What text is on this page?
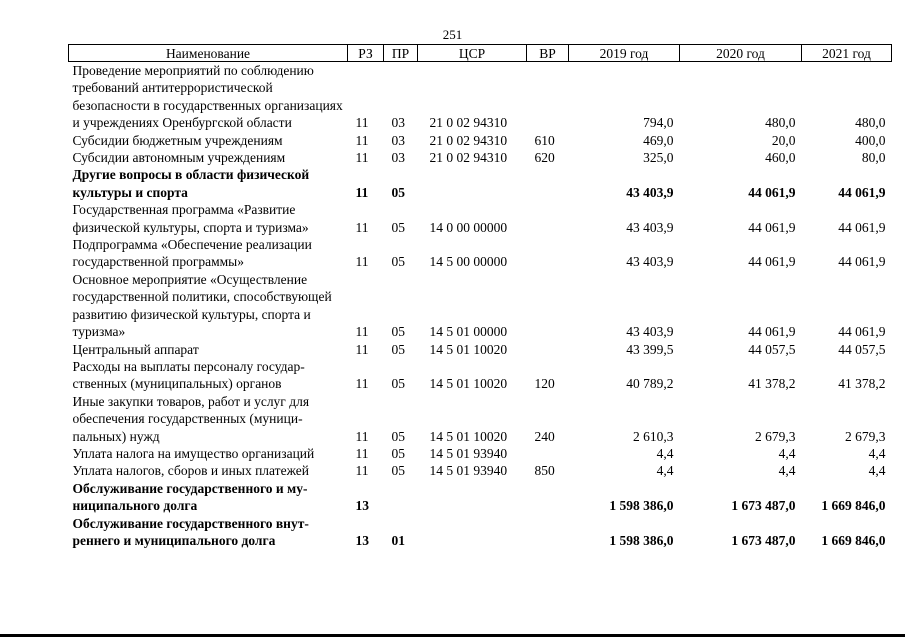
251
Наименование	РЗ	ПР	ЦСР	ВР	2019 год	2020 год	2021 год
Проведение мероприятий по соблюдению требований антитеррористической безопасности в государственных организациях и учреждениях Оренбургской области	11	03	21 0 02 94310		794,0	480,0	480,0
Субсидии бюджетным учреждениям	11	03	21 0 02 94310	610	469,0	20,0	400,0
Субсидии автономным учреждениям	11	03	21 0 02 94310	620	325,0	460,0	80,0
Другие вопросы в области физической культуры и спорта	11	05			43 403,9	44 061,9	44 061,9
Государственная программа «Развитие физической культуры, спорта и туризма»	11	05	14 0 00 00000		43 403,9	44 061,9	44 061,9
Подпрограмма «Обеспечение реализации государственной программы»	11	05	14 5 00 00000		43 403,9	44 061,9	44 061,9
Основное мероприятие «Осуществление государственной политики, способствующей развитию физической культуры, спорта и туризма»	11	05	14 5 01 00000		43 403,9	44 061,9	44 061,9
Центральный аппарат	11	05	14 5 01 10020		43 399,5	44 057,5	44 057,5
Расходы на выплаты персоналу государственных (муниципальных) органов	11	05	14 5 01 10020	120	40 789,2	41 378,2	41 378,2
Иные закупки товаров, работ и услуг для обеспечения государственных (муниципальных) нужд	11	05	14 5 01 10020	240	2 610,3	2 679,3	2 679,3
Уплата налога на имущество организаций	11	05	14 5 01 93940		4,4	4,4	4,4
Уплата налогов, сборов и иных платежей	11	05	14 5 01 93940	850	4,4	4,4	4,4
Обслуживание государственного и муниципального долга	13				1 598 386,0	1 673 487,0	1 669 846,0
Обслуживание государственного внутреннего и муниципального долга	13	01			1 598 386,0	1 673 487,0	1 669 846,0
